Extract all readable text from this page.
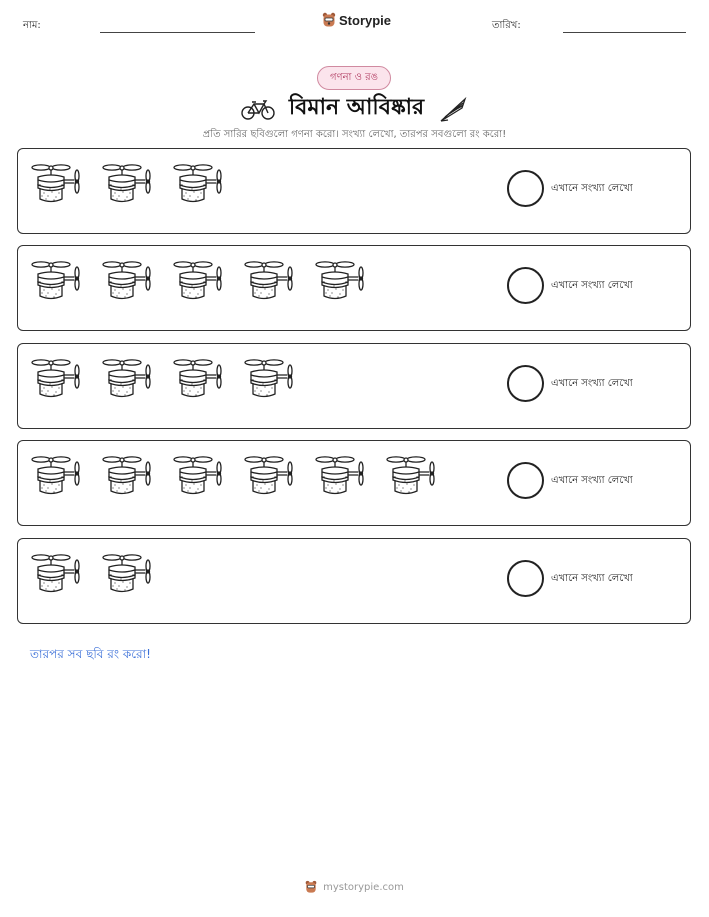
নাম:	Storypie	তারিখ:
গণনা ও রঙ
বিমান আবিষ্কার
প্রতি সারির ছবিগুলো গণনা করো। সংখ্যা লেখো, তারপর সবগুলো রং করো!
এখানে সংখ্যা লেখো
এখানে সংখ্যা লেখো
এখানে সংখ্যা লেখো
এখানে সংখ্যা লেখো
এখানে সংখ্যা লেখো
তারপর সব ছবি রং করো!
mystorypie.com
